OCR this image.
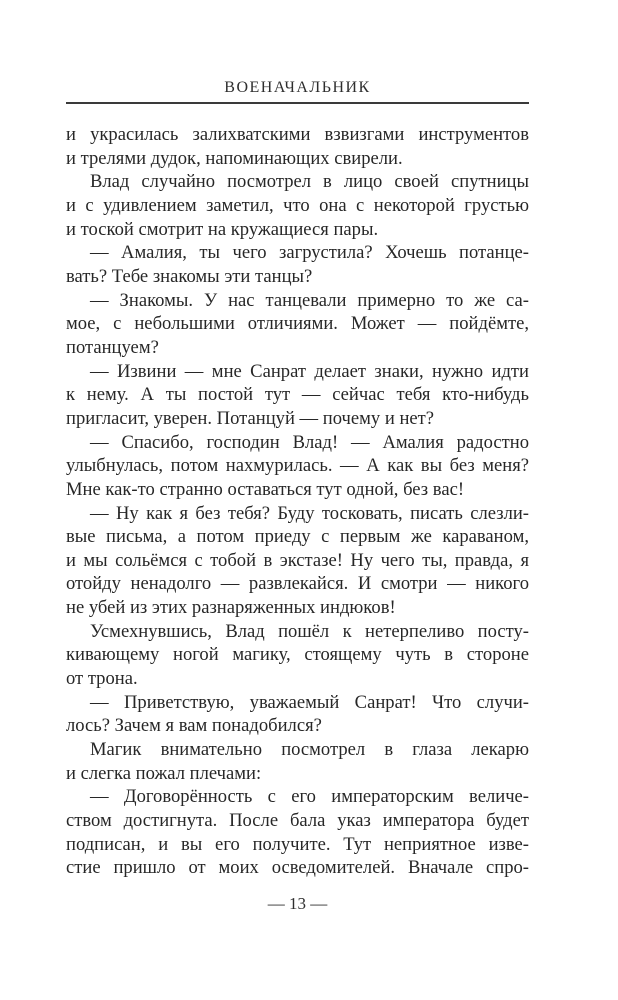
ВОЕНАЧАЛЬНИК
и украсилась залихватскими взвизгами инструментов
и трелями дудок, напоминающих свирели.
Влад случайно посмотрел в лицо своей спутницы
и с удивлением заметил, что она с некоторой грустью
и тоской смотрит на кружащиеся пары.
— Амалия, ты чего загрустила? Хочешь потанце-
вать? Тебе знакомы эти танцы?
— Знакомы. У нас танцевали примерно то же са-
мое, с небольшими отличиями. Может — пойдёмте,
потанцуем?
— Извини — мне Санрат делает знаки, нужно идти
к нему. А ты постой тут — сейчас тебя кто-нибудь
пригласит, уверен. Потанцуй — почему и нет?
— Спасибо, господин Влад! — Амалия радостно
улыбнулась, потом нахмурилась. — А как вы без меня?
Мне как-то странно оставаться тут одной, без вас!
— Ну как я без тебя? Буду тосковать, писать слезли-
вые письма, а потом приеду с первым же караваном,
и мы сольёмся с тобой в экстазе! Ну чего ты, правда, я
отойду ненадолго — развлекайся. И смотри — никого
не убей из этих разнаряженных индюков!
Усмехнувшись, Влад пошёл к нетерпеливо посту-
кивающему ногой магику, стоящему чуть в стороне
от трона.
— Приветствую, уважаемый Санрат! Что случи-
лось? Зачем я вам понадобился?
Магик внимательно посмотрел в глаза лекарю
и слегка пожал плечами:
— Договорённость с его императорским величе-
ством достигнута. После бала указ императора будет
подписан, и вы его получите. Тут неприятное изве-
стие пришло от моих осведомителей. Вначале спро-
— 13 —
